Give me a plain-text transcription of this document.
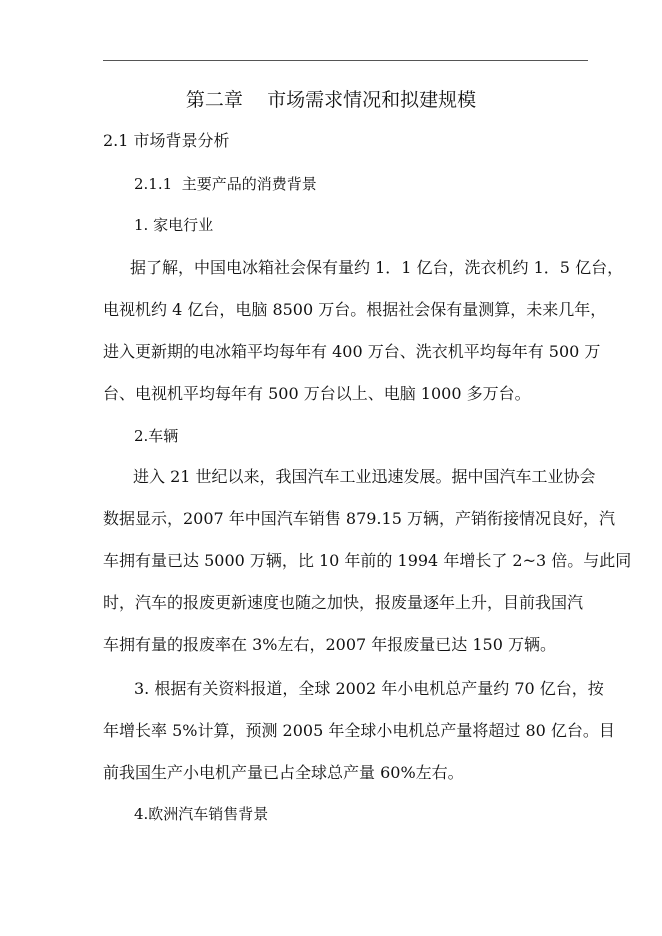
第二章    市场需求情况和拟建规模
2.1 市场背景分析
2.1.1  主要产品的消费背景
1. 家电行业
据了解，中国电冰箱社会保有量约 1．1 亿台，洗衣机约 1．5 亿台，
电视机约 4 亿台，电脑 8500 万台。根据社会保有量测算，未来几年，
进入更新期的电冰箱平均每年有 400 万台、洗衣机平均每年有 500 万
台、电视机平均每年有 500 万台以上、电脑 1000 多万台。
2.车辆
进入 21 世纪以来，我国汽车工业迅速发展。据中国汽车工业协会
数据显示，2007 年中国汽车销售 879.15 万辆，产销衔接情况良好，汽
车拥有量已达 5000 万辆，比 10 年前的 1994 年增长了 2~3 倍。与此同
时，汽车的报废更新速度也随之加快，报废量逐年上升，目前我国汽
车拥有量的报废率在 3%左右，2007 年报废量已达 150 万辆。
3. 根据有关资料报道，全球 2002 年小电机总产量约 70 亿台，按
年增长率 5%计算，预测 2005 年全球小电机总产量将超过 80 亿台。目
前我国生产小电机产量已占全球总产量 60%左右。
4.欧洲汽车销售背景
